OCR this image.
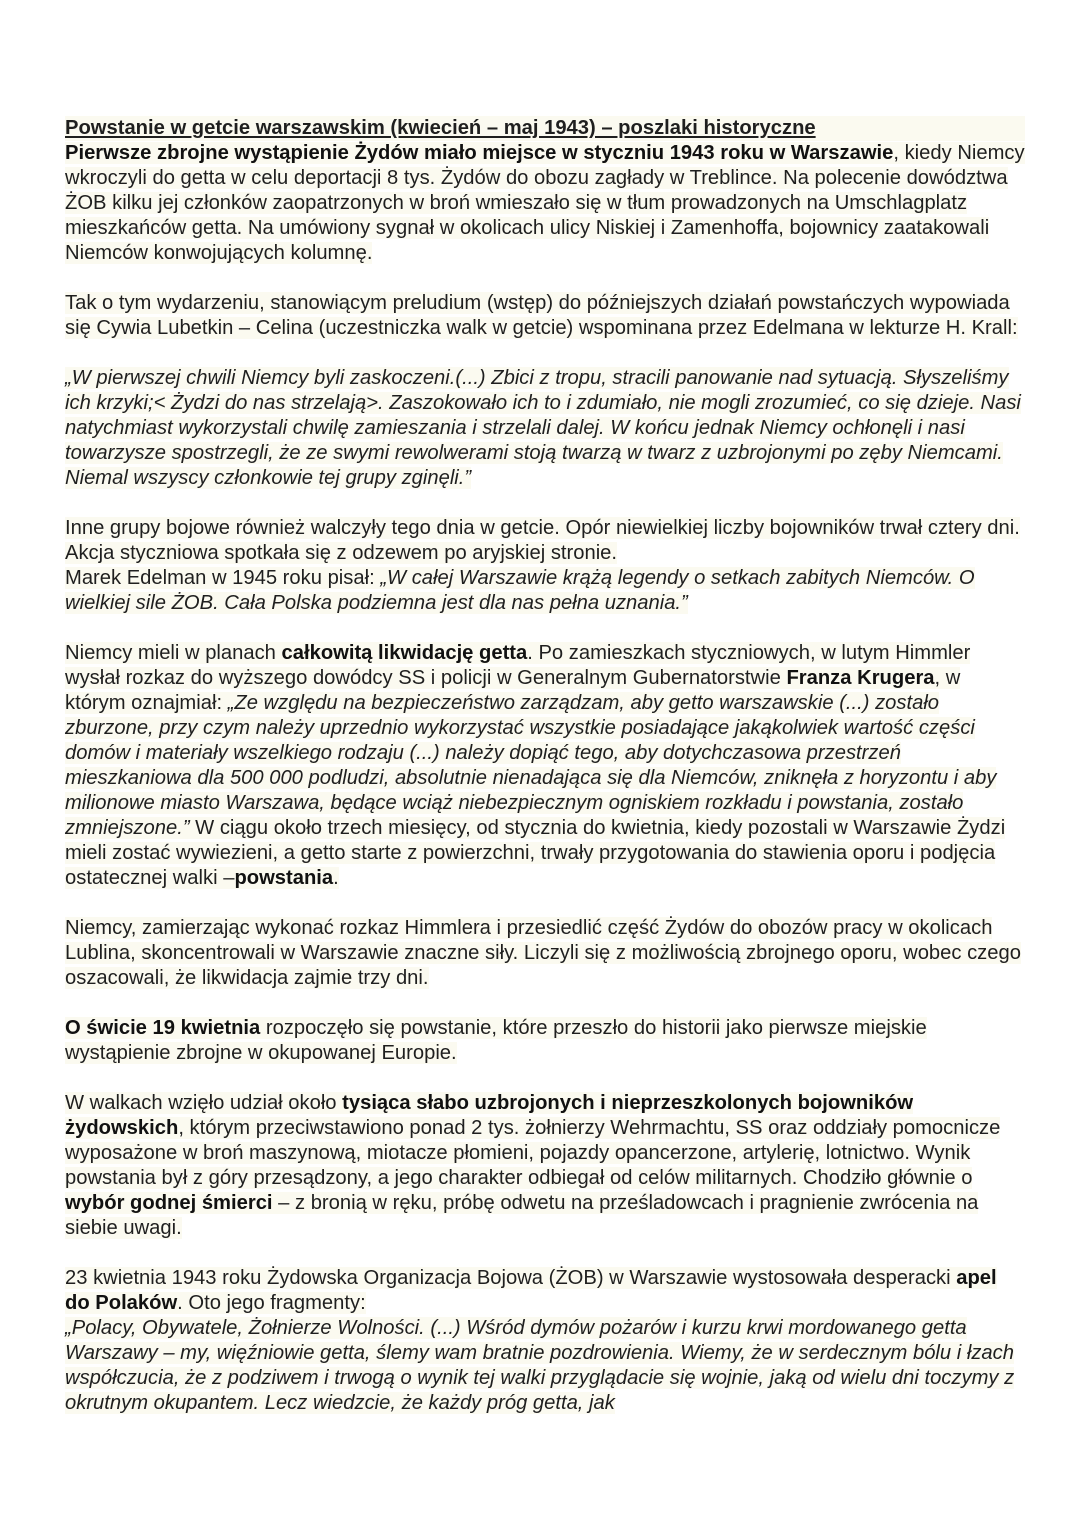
Powstanie w getcie warszawskim (kwiecień – maj 1943) – poszlaki historyczne

Pierwsze zbrojne wystąpienie Żydów miało miejsce w styczniu 1943 roku w Warszawie, kiedy Niemcy wkroczyli do getta w celu deportacji 8 tys. Żydów do obozu zagłady w Treblince. Na polecenie dowództwa ŻOB kilku jej członków zaopatrzonych w broń wmieszało się w tłum prowadzonych na Umschlagplatz mieszkańców getta. Na umówiony sygnał w okolicach ulicy Niskiej i Zamenhoffa, bojownicy zaatakowali Niemców konwojujących kolumnę.

Tak o tym wydarzeniu, stanowiącym preludium (wstęp) do późniejszych działań powstańczych wypowiada się Cywia Lubetkin – Celina (uczestniczka walk w getcie) wspominana przez Edelmana w lekturze H. Krall:

„W pierwszej chwili Niemcy byli zaskoczeni.(...) Zbici z tropu, stracili panowanie nad sytuacją. Słyszeliśmy ich krzyki;< Żydzi do nas strzelają>. Zaszokowało ich to i zdumiało, nie mogli zrozumieć, co się dzieje. Nasi natychmiast wykorzystali chwilę zamieszania i strzelali dalej. W końcu jednak Niemcy ochłonęli i nasi towarzysze spostrzegli, że ze swymi rewolwerami stoją twarzą w twarz z uzbrojonymi po zęby Niemcami. Niemal wszyscy członkowie tej grupy zginęli.”

Inne grupy bojowe również walczyły tego dnia w getcie. Opór niewielkiej liczby bojowników trwał cztery dni. Akcja styczniowa spotkała się z odzewem po aryjskiej stronie.
Marek Edelman w 1945 roku pisał: „W całej Warszawie krążą legendy o setkach zabitych Niemców. O wielkiej sile ŻOB. Cała Polska podziemna jest dla nas pełna uznania.”

Niemcy mieli w planach całkowitą likwidację getta. Po zamieszkach styczniowych, w lutym Himmler wysłał rozkaz do wyższego dowódcy SS i policji w Generalnym Gubernatorstwie Franza Krugera, w którym oznajmiał: „Ze względu na bezpieczeństwo zarządzam, aby getto warszawskie (...) zostało zburzone, przy czym należy uprzednio wykorzystać wszystkie posiadające jakąkolwiek wartość części domów i materiały wszelkiego rodzaju (...) należy dopiąć tego, aby dotychczasowa przestrzeń mieszkaniowa dla 500 000 podludzi, absolutnie nienadająca się dla Niemców, zniknęła z horyzontu i aby milionowe miasto Warszawa, będące wciąż niebezpiecznym ogniskiem rozkładu i powstania, zostało zmniejszone.” W ciągu około trzech miesięcy, od stycznia do kwietnia, kiedy pozostali w Warszawie Żydzi mieli zostać wywiezieni, a getto starte z powierzchni, trwały przygotowania do stawienia oporu i podjęcia ostatecznej walki –powstania.

Niemcy, zamierzając wykonać rozkaz Himmlera i przesiedlić część Żydów do obozów pracy w okolicach Lublina, skoncentrowali w Warszawie znaczne siły. Liczyli się z możliwością zbrojnego oporu, wobec czego oszacowali, że likwidacja zajmie trzy dni.

O świcie 19 kwietnia rozpoczęło się powstanie, które przeszło do historii jako pierwsze miejskie wystąpienie zbrojne w okupowanej Europie.

W walkach wzięło udział około tysiąca słabo uzbrojonych i nieprzeszkolonych bojowników żydowskich, którym przeciwstawiono ponad 2 tys. żołnierzy Wehrmachtu, SS oraz oddziały pomocnicze wyposażone w broń maszynową, miotacze płomieni, pojazdy opancerzone, artylerię, lotnictwo. Wynik powstania był z góry przesądzony, a jego charakter odbiegał od celów militarnych. Chodziło głównie o wybór godnej śmierci – z bronią w ręku, próbę odwetu na prześladowcach i pragnienie zwrócenia na siebie uwagi.

23 kwietnia 1943 roku Żydowska Organizacja Bojowa (ŻOB) w Warszawie wystosowała desperacki apel do Polaków. Oto jego fragmenty:
„Polacy, Obywatele, Żołnierze Wolności. (...) Wśród dymów pożarów i kurzu krwi mordowanego getta Warszawy – my, więźniowie getta, ślemy wam bratnie pozdrowienia. Wiemy, że w serdecznym bólu i łzach współczucia, że z podziwem i trwogą o wynik tej walki przyglądacie się wojnie, jaką od wielu dni toczymy z okrutnym okupantem. Lecz wiedzcie, że każdy próg getta, jak
